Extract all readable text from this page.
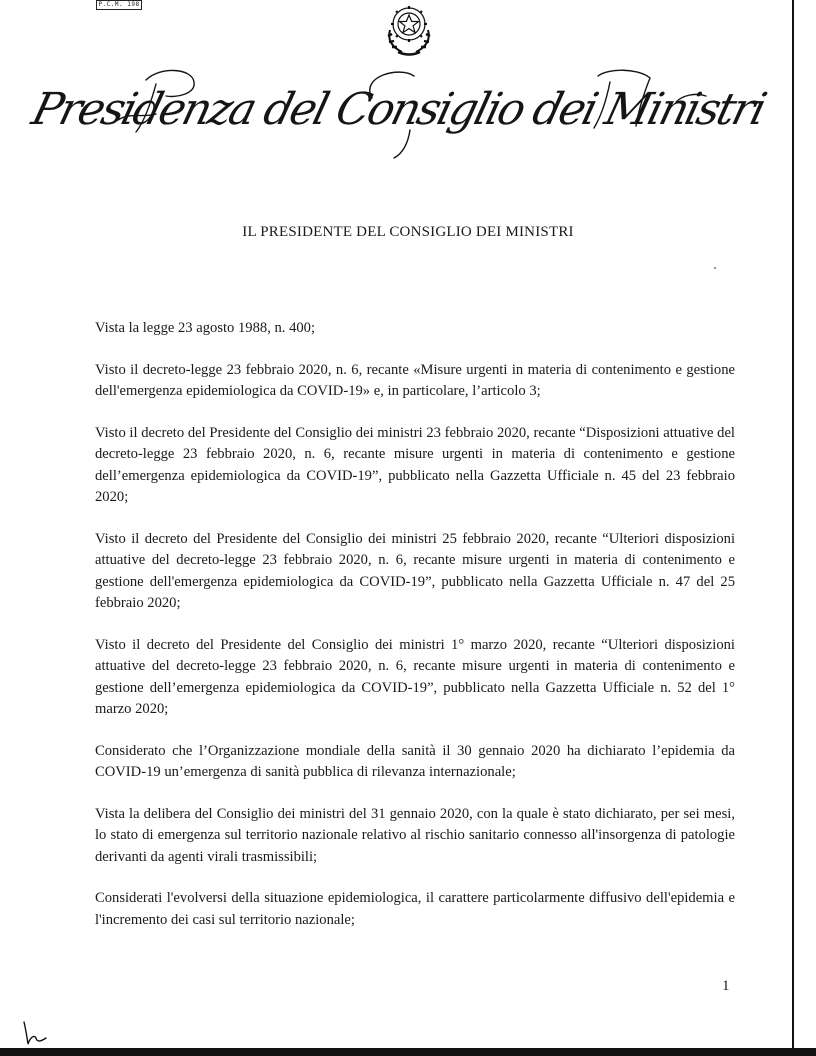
P.C.M. 198
Presidenza del Consiglio dei Ministri
IL PRESIDENTE DEL CONSIGLIO DEI MINISTRI

Vista la legge 23 agosto 1988, n. 400;

Visto il decreto-legge 23 febbraio 2020, n. 6, recante «Misure urgenti in materia di contenimento e gestione dell'emergenza epidemiologica da COVID-19» e, in particolare, l’articolo 3;

Visto il decreto del Presidente del Consiglio dei ministri 23 febbraio 2020, recante “Disposizioni attuative del decreto-legge 23 febbraio 2020, n. 6, recante misure urgenti in materia di contenimento e gestione dell’emergenza epidemiologica da COVID-19”, pubblicato nella Gazzetta Ufficiale n. 45 del 23 febbraio 2020;

Visto il decreto del Presidente del Consiglio dei ministri 25 febbraio 2020, recante “Ulteriori disposizioni attuative del decreto-legge 23 febbraio 2020, n. 6, recante misure urgenti in materia di contenimento e gestione dell'emergenza epidemiologica da COVID-19”, pubblicato nella Gazzetta Ufficiale n. 47 del 25 febbraio 2020;

Visto il decreto del Presidente del Consiglio dei ministri 1° marzo 2020, recante “Ulteriori disposizioni attuative del decreto-legge 23 febbraio 2020, n. 6, recante misure urgenti in materia di contenimento e gestione dell’emergenza epidemiologica da COVID-19”, pubblicato nella Gazzetta Ufficiale n. 52 del 1° marzo 2020;

Considerato che l’Organizzazione mondiale della sanità il 30 gennaio 2020 ha dichiarato l’epidemia da COVID-19 un’emergenza di sanità pubblica di rilevanza internazionale;

Vista la delibera del Consiglio dei ministri del 31 gennaio 2020, con la quale è stato dichiarato, per sei mesi, lo stato di emergenza sul territorio nazionale relativo al rischio sanitario connesso all'insorgenza di patologie derivanti da agenti virali trasmissibili;

Considerati l'evolversi della situazione epidemiologica, il carattere particolarmente diffusivo dell'epidemia e l'incremento dei casi sul territorio nazionale;

1
